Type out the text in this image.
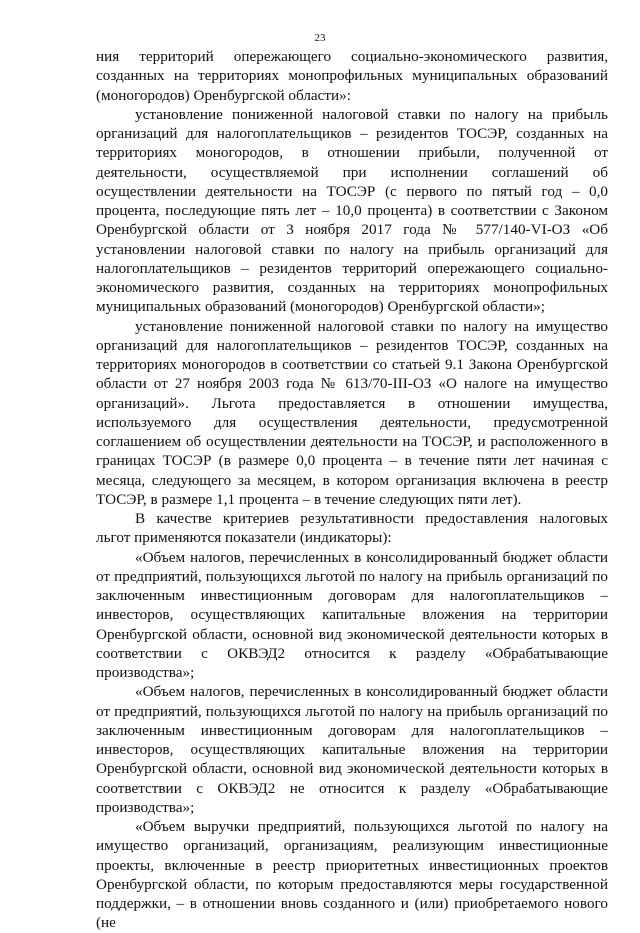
23

ния территорий опережающего социально-экономического развития, созданных на территориях монопрофильных муниципальных образований (моногородов) Оренбургской области»:

установление пониженной налоговой ставки по налогу на прибыль организаций для налогоплательщиков – резидентов ТОСЭР, созданных на территориях моногородов, в отношении прибыли, полученной от деятельности, осуществляемой при исполнении соглашений об осуществлении деятельности на ТОСЭР (с первого по пятый год – 0,0 процента, последующие пять лет – 10,0 процента) в соответствии с Законом Оренбургской области от 3 ноября 2017 года № 577/140-VI-ОЗ «Об установлении налоговой ставки по налогу на прибыль организаций для налогоплательщиков – резидентов территорий опережающего социально-экономического развития, созданных на территориях монопрофильных муниципальных образований (моногородов) Оренбургской области»;

установление пониженной налоговой ставки по налогу на имущество организаций для налогоплательщиков – резидентов ТОСЭР, созданных на территориях моногородов в соответствии со статьей 9.1 Закона Оренбургской области от 27 ноября 2003 года № 613/70-III-ОЗ «О налоге на имущество организаций». Льгота предоставляется в отношении имущества, используемого для осуществления деятельности, предусмотренной соглашением об осуществлении деятельности на ТОСЭР, и расположенного в границах ТОСЭР (в размере 0,0 процента – в течение пяти лет начиная с месяца, следующего за месяцем, в котором организация включена в реестр ТОСЭР, в размере 1,1 процента – в течение следующих пяти лет).

В качестве критериев результативности предоставления налоговых льгот применяются показатели (индикаторы):

«Объем налогов, перечисленных в консолидированный бюджет области от предприятий, пользующихся льготой по налогу на прибыль организаций по заключенным инвестиционным договорам для налогоплательщиков – инвесторов, осуществляющих капитальные вложения на территории Оренбургской области, основной вид экономической деятельности которых в соответствии с ОКВЭД2 относится к разделу «Обрабатывающие производства»;

«Объем налогов, перечисленных в консолидированный бюджет области от предприятий, пользующихся льготой по налогу на прибыль организаций по заключенным инвестиционным договорам для налогоплательщиков – инвесторов, осуществляющих капитальные вложения на территории Оренбургской области, основной вид экономической деятельности которых в соответствии с ОКВЭД2 не относится к разделу «Обрабатывающие производства»;

«Объем выручки предприятий, пользующихся льготой по налогу на имущество организаций, организациям, реализующим инвестиционные проекты, включенные в реестр приоритетных инвестиционных проектов Оренбургской области, по которым предоставляются меры государственной поддержки, – в отношении вновь созданного и (или) приобретаемого нового (не
